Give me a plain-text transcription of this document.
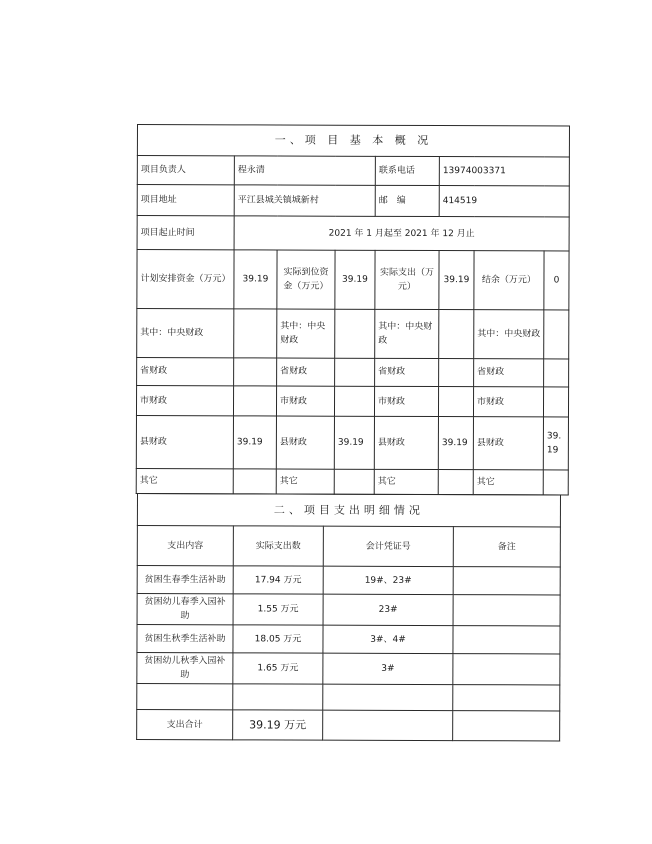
一、项 目 基 本 概 况							
项目负责人	程永清			联系电话	13974003371		
项目地址	平江县城关镇城新村			邮　编	414519		
项目起止时间	2021 年 1 月起至 2021 年 12 月止						
计划安排资金（万元）	39.19	实际到位资金（万元）	39.19	实际支出（万元）	39.19	结余（万元）	0
其中：中央财政		其中：中央财政		其中：中央财政		其中：中央财政	
省财政		省财政		省财政		省财政	
市财政		市财政		市财政		市财政	
县财政	39.19	县财政	39.19	县财政	39.19	县财政	39.19
其它		其它		其它		其它	
二、项目支出明细情况			
支出内容	实际支出数	会计凭证号	备注
贫困生春季生活补助	17.94 万元	19#、23#	
贫困幼儿春季入园补助	1.55 万元	23#	
贫困生秋季生活补助	18.05 万元	3#、4#	
贫困幼儿秋季入园补助	1.65 万元	3#	

支出合计	39.19 万元		
